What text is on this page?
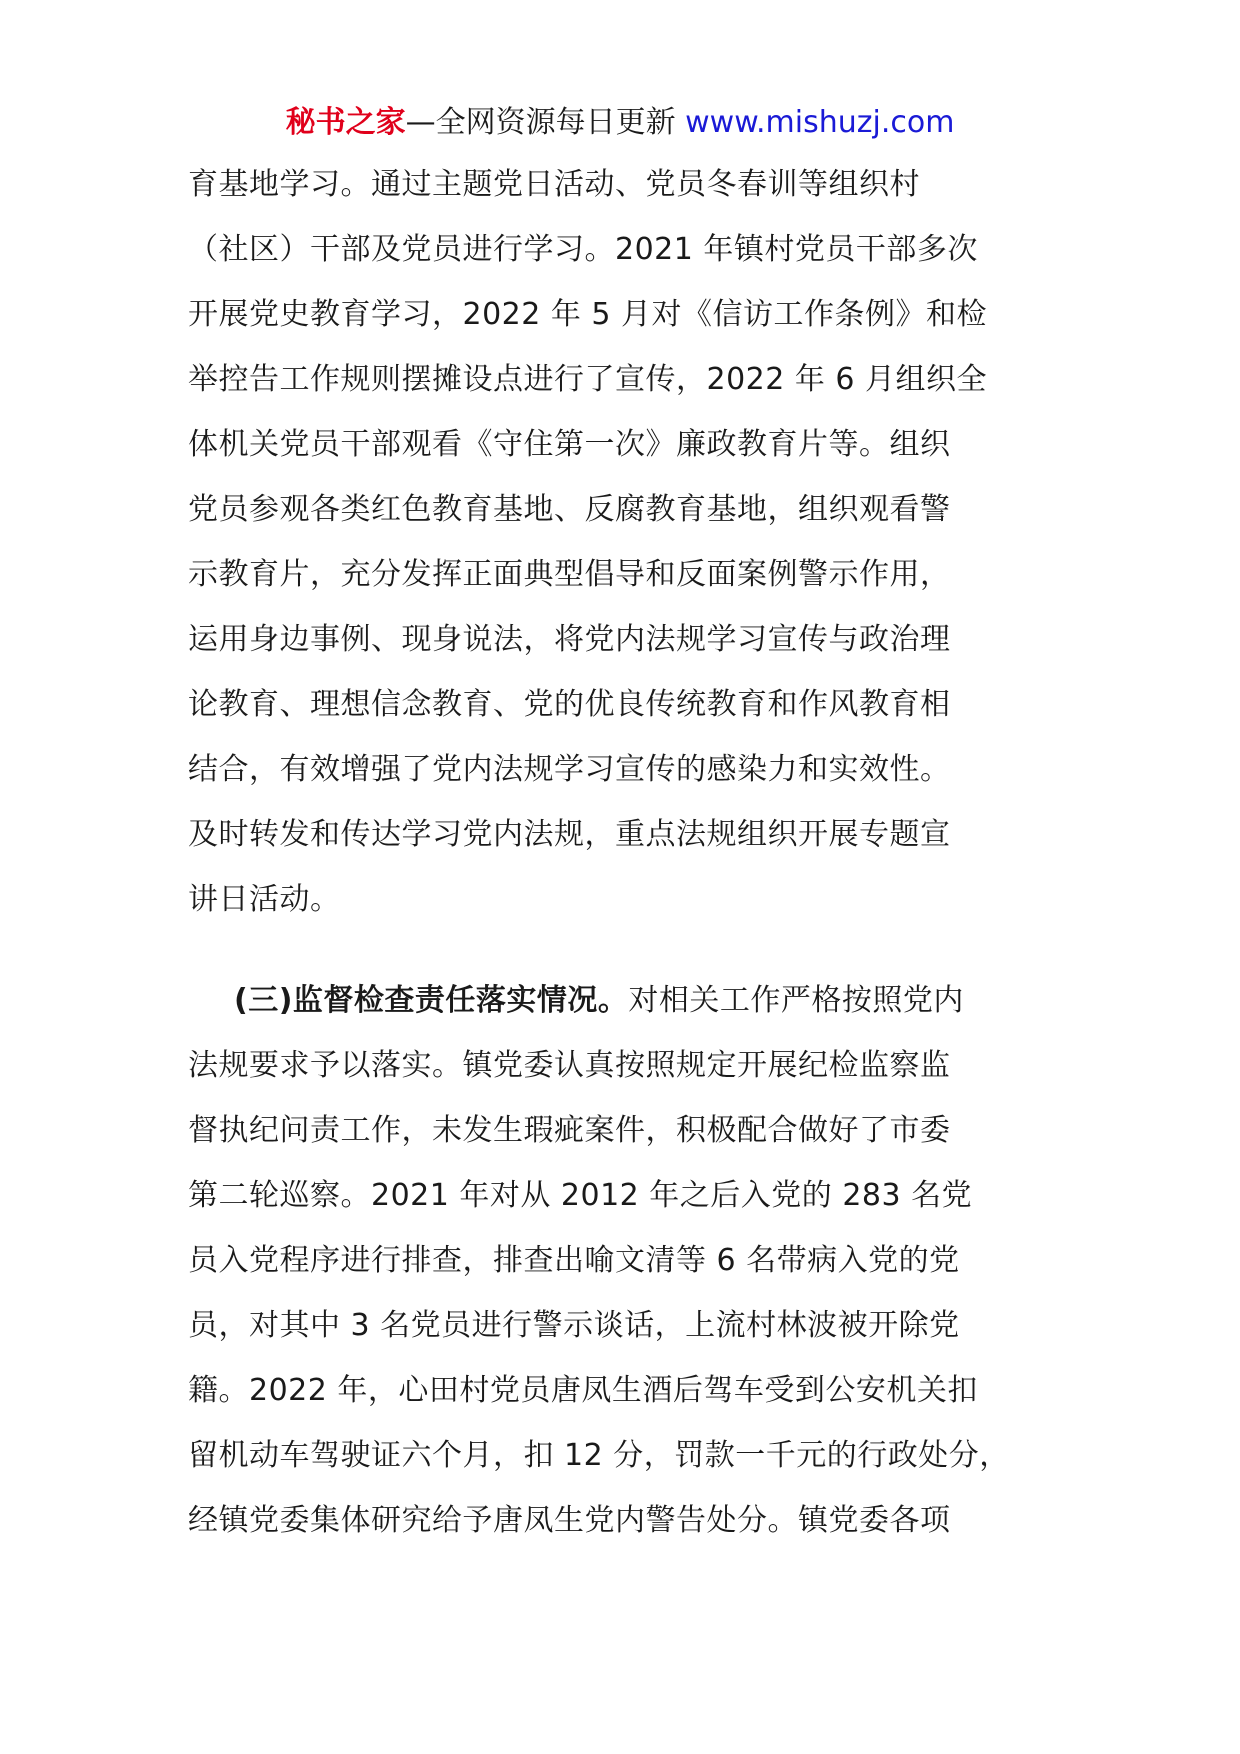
秘书之家—全网资源每日更新 www.mishuzj.com
育基地学习。通过主题党日活动、党员冬春训等组织村
（社区）干部及党员进行学习。2021 年镇村党员干部多次
开展党史教育学习，2022 年 5 月对《信访工作条例》和检
举控告工作规则摆摊设点进行了宣传，2022 年 6 月组织全
体机关党员干部观看《守住第一次》廉政教育片等。组织
党员参观各类红色教育基地、反腐教育基地，组织观看警
示教育片，充分发挥正面典型倡导和反面案例警示作用，
运用身边事例、现身说法，将党内法规学习宣传与政治理
论教育、理想信念教育、党的优良传统教育和作风教育相
结合，有效增强了党内法规学习宣传的感染力和实效性。
及时转发和传达学习党内法规，重点法规组织开展专题宣
讲日活动。
(三)监督检查责任落实情况。对相关工作严格按照党内
法规要求予以落实。镇党委认真按照规定开展纪检监察监
督执纪问责工作，未发生瑕疵案件，积极配合做好了市委
第二轮巡察。2021 年对从 2012 年之后入党的 283 名党
员入党程序进行排查，排查出喻文清等 6 名带病入党的党
员，对其中 3 名党员进行警示谈话，上流村林波被开除党
籍。2022 年，心田村党员唐凤生酒后驾车受到公安机关扣
留机动车驾驶证六个月，扣 12 分，罚款一千元的行政处分，
经镇党委集体研究给予唐凤生党内警告处分。镇党委各项
